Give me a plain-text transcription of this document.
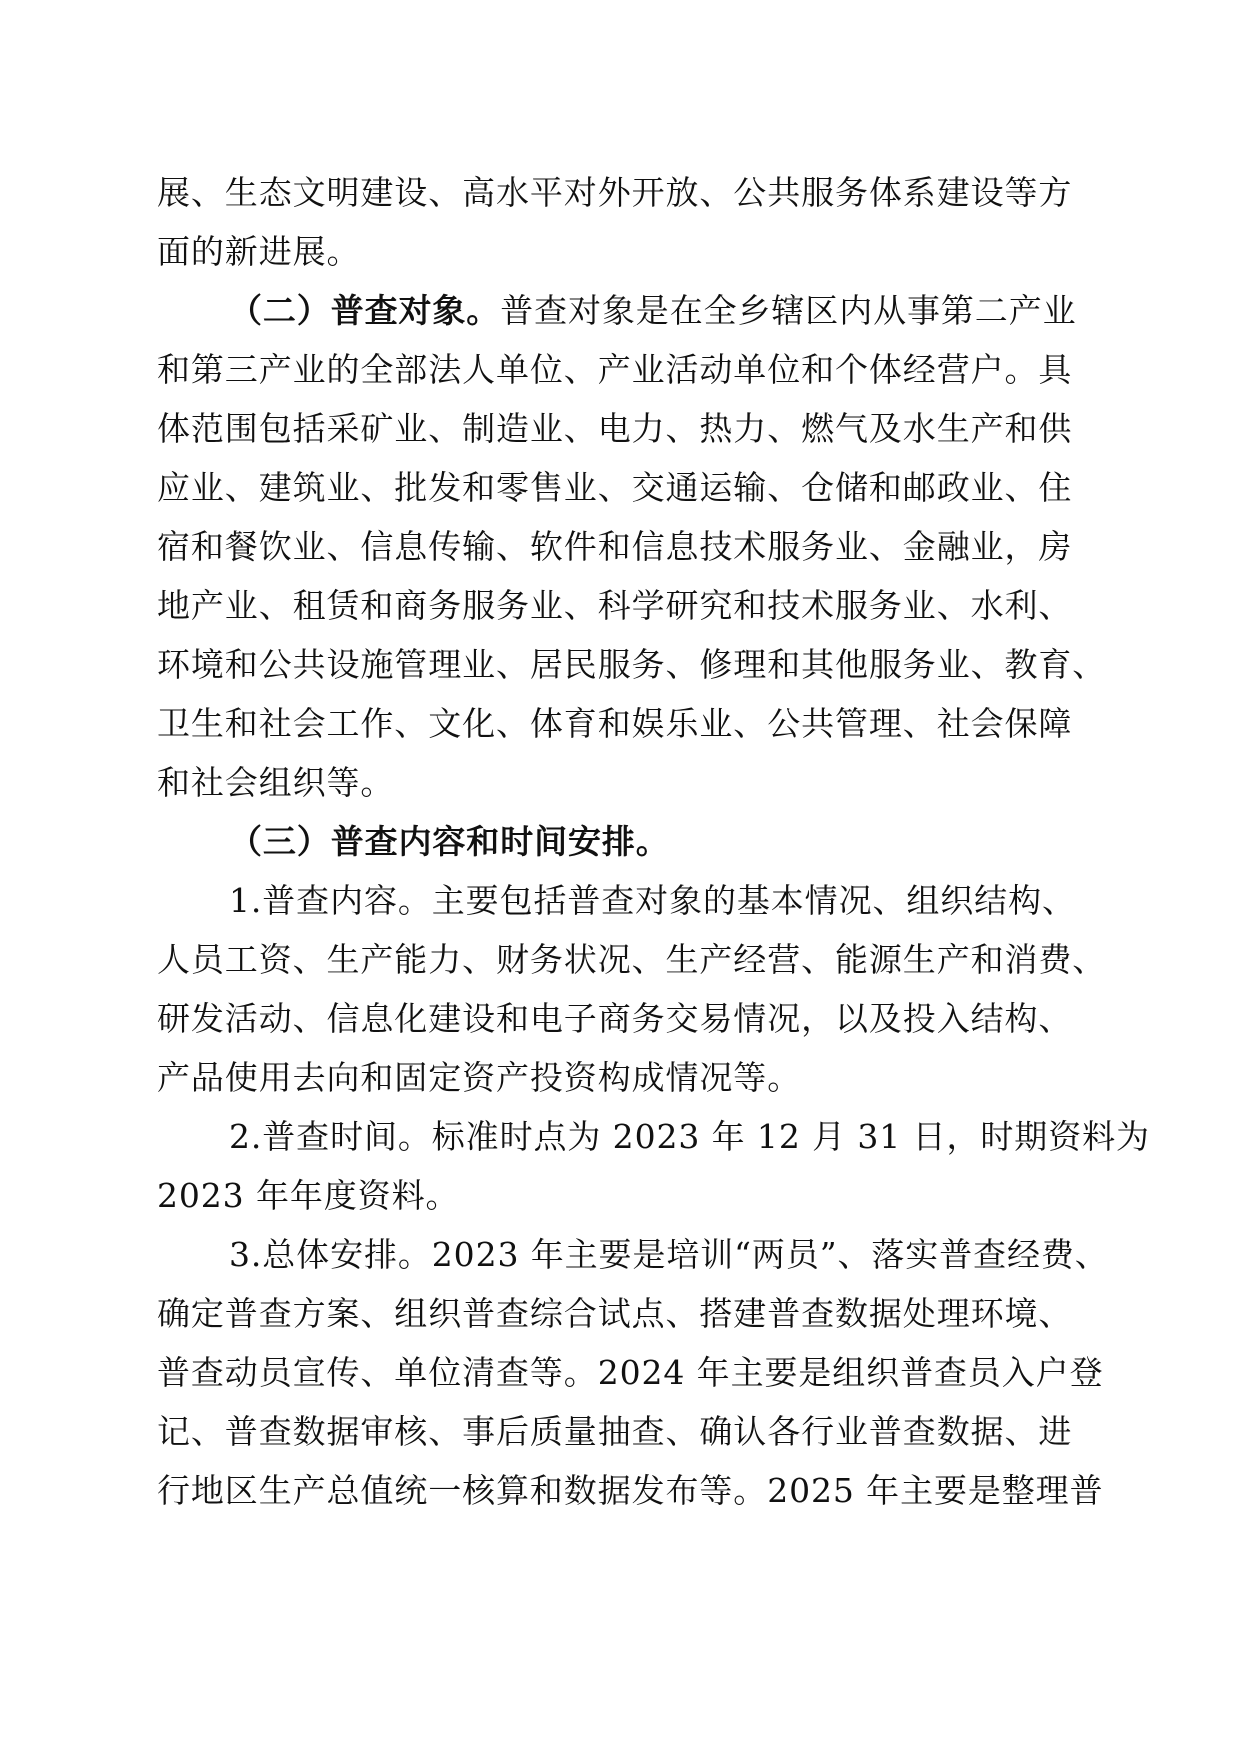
展、生态文明建设、高水平对外开放、公共服务体系建设等方
面的新进展。
（二）普查对象。普查对象是在全乡辖区内从事第二产业
和第三产业的全部法人单位、产业活动单位和个体经营户。具
体范围包括采矿业、制造业、电力、热力、燃气及水生产和供
应业、建筑业、批发和零售业、交通运输、仓储和邮政业、住
宿和餐饮业、信息传输、软件和信息技术服务业、金融业，房
地产业、租赁和商务服务业、科学研究和技术服务业、水利、
环境和公共设施管理业、居民服务、修理和其他服务业、教育、
卫生和社会工作、文化、体育和娱乐业、公共管理、社会保障
和社会组织等。
（三）普查内容和时间安排。
1.普查内容。主要包括普查对象的基本情况、组织结构、
人员工资、生产能力、财务状况、生产经营、能源生产和消费、
研发活动、信息化建设和电子商务交易情况，以及投入结构、
产品使用去向和固定资产投资构成情况等。
2.普查时间。标准时点为 2023 年 12 月 31 日，时期资料为
2023 年年度资料。
3.总体安排。2023 年主要是培训“两员”、落实普查经费、
确定普查方案、组织普查综合试点、搭建普查数据处理环境、
普查动员宣传、单位清查等。2024 年主要是组织普查员入户登
记、普查数据审核、事后质量抽查、确认各行业普查数据、进
行地区生产总值统一核算和数据发布等。2025 年主要是整理普
